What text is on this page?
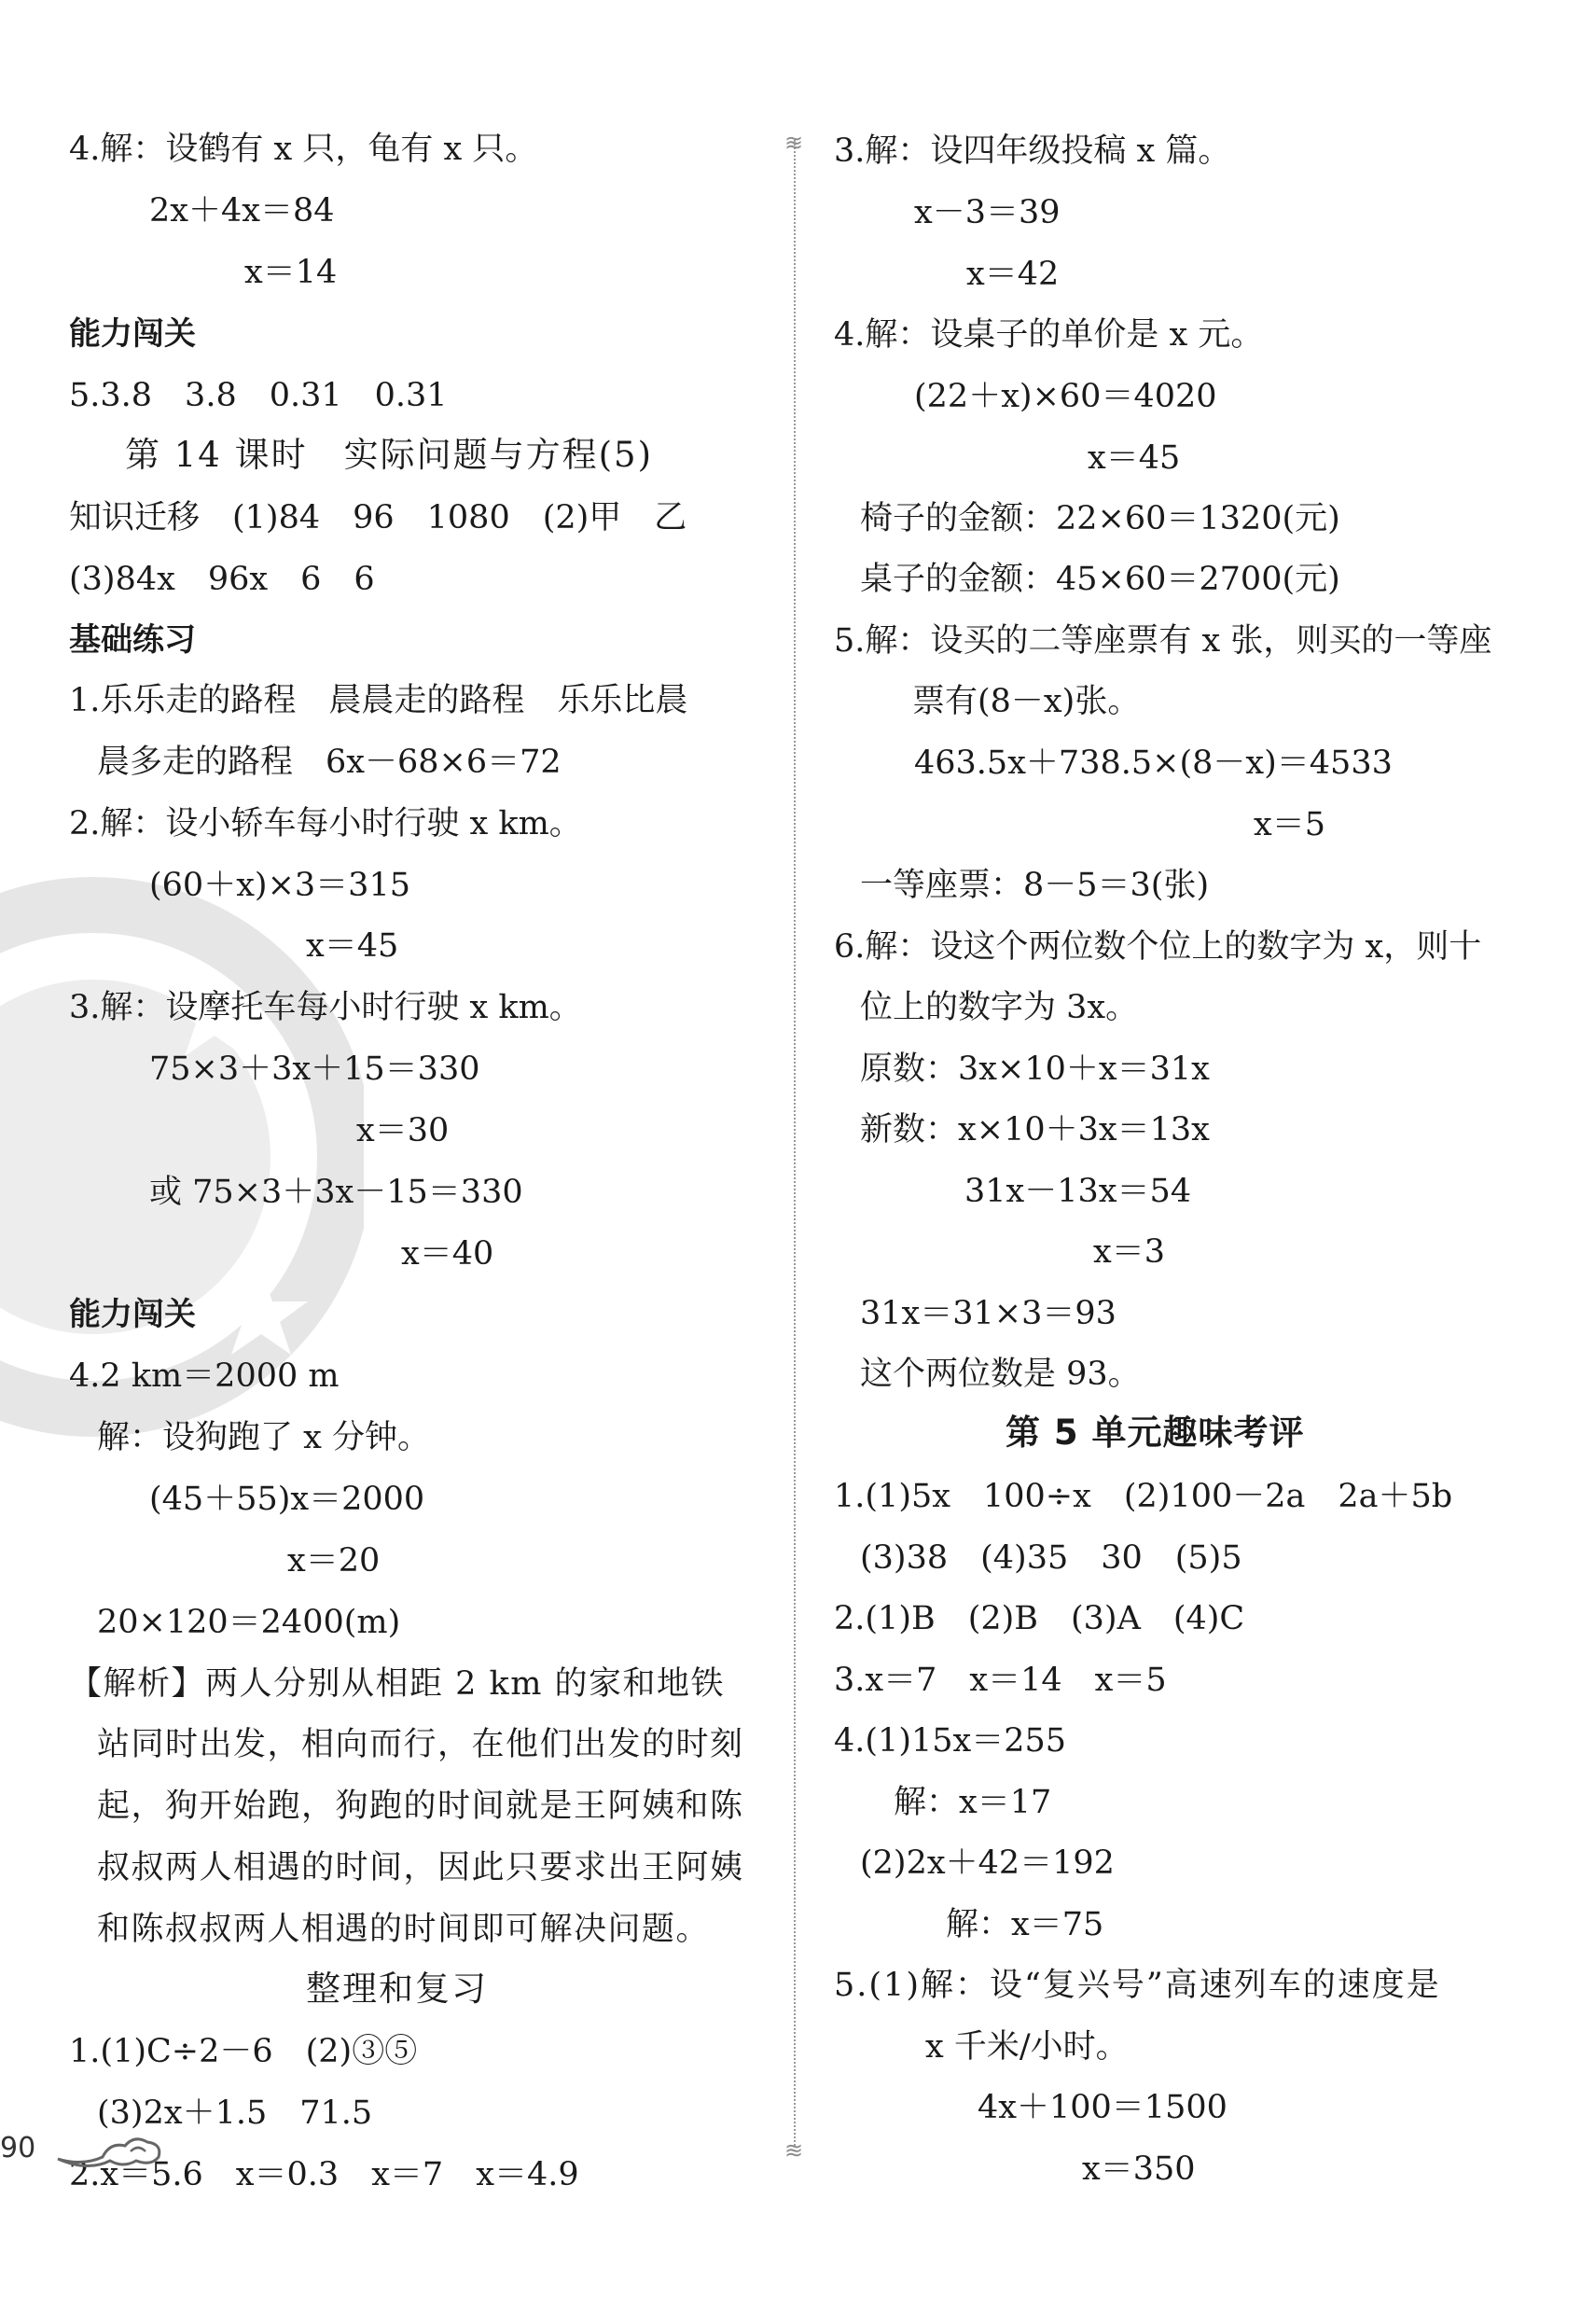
≋
≋
4.解：设鹤有 x 只，龟有 x 只。
2x＋4x＝84
x＝14
能力闯关
5.3.8　3.8　0.31　0.31
第 14 课时　实际问题与方程(5)
知识迁移　(1)84　96　1080　(2)甲　乙
(3)84x　96x　6　6
基础练习
1.乐乐走的路程　晨晨走的路程　乐乐比晨
晨多走的路程　6x－68×6＝72
2.解：设小轿车每小时行驶 x km。
(60＋x)×3＝315
x＝45
3.解：设摩托车每小时行驶 x km。
75×3＋3x＋15＝330
x＝30
或 75×3＋3x－15＝330
x＝40
能力闯关
4.2 km＝2000 m
解：设狗跑了 x 分钟。
(45＋55)x＝2000
x＝20
20×120＝2400(m)
【解析】两人分别从相距 2 km 的家和地铁
站同时出发，相向而行，在他们出发的时刻
起，狗开始跑，狗跑的时间就是王阿姨和陈
叔叔两人相遇的时间，因此只要求出王阿姨
和陈叔叔两人相遇的时间即可解决问题。
整理和复习
1.(1)C÷2－6　(2)③⑤
(3)2x＋1.5　71.5
2.x＝5.6　x＝0.3　x＝7　x＝4.9
3.解：设四年级投稿 x 篇。
x－3＝39
x＝42
4.解：设桌子的单价是 x 元。
(22＋x)×60＝4020
x＝45
椅子的金额：22×60＝1320(元)
桌子的金额：45×60＝2700(元)
5.解：设买的二等座票有 x 张，则买的一等座
票有(8－x)张。
463.5x＋738.5×(8－x)＝4533
x＝5
一等座票：8－5＝3(张)
6.解：设这个两位数个位上的数字为 x，则十
位上的数字为 3x。
原数：3x×10＋x＝31x
新数：x×10＋3x＝13x
31x－13x＝54
x＝3
31x＝31×3＝93
这个两位数是 93。
第 5 单元趣味考评
1.(1)5x　100÷x　(2)100－2a　2a＋5b
(3)38　(4)35　30　(5)5
2.(1)B　(2)B　(3)A　(4)C
3.x＝7　x＝14　x＝5
4.(1)15x＝255
解：x＝17
(2)2x＋42＝192
解：x＝75
5.(1)解：设“复兴号”高速列车的速度是
x 千米/小时。
4x＋100＝1500
x＝350
90
